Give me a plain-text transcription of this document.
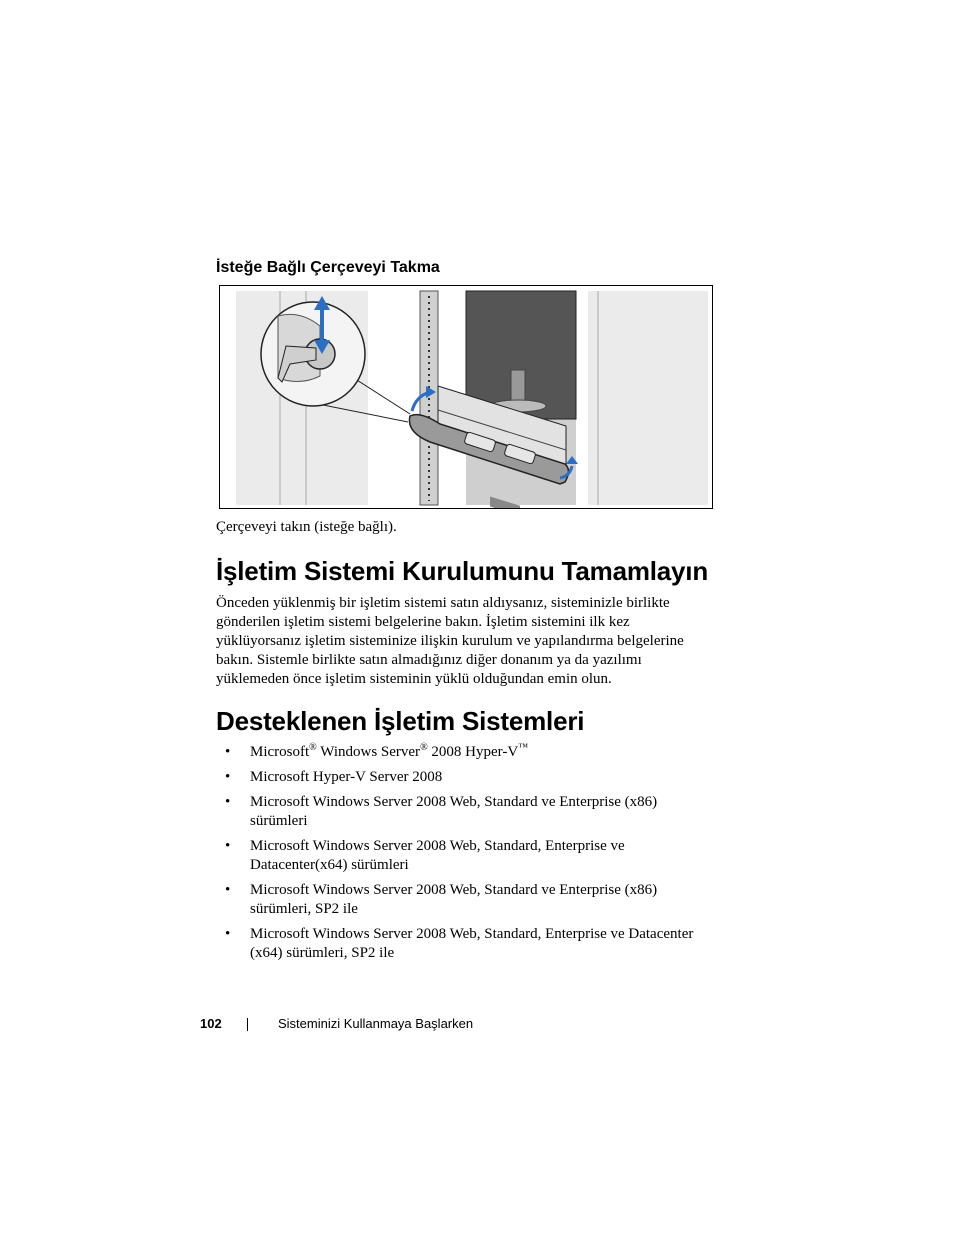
İsteğe Bağlı Çerçeveyi Takma
Çerçeveyi takın (isteğe bağlı).
İşletim Sistemi Kurulumunu Tamamlayın
Önceden yüklenmiş bir işletim sistemi satın aldıysanız, sisteminizle birlikte gönderilen işletim sistemi belgelerine bakın. İşletim sistemini ilk kez yüklüyorsanız işletim sisteminize ilişkin kurulum ve yapılandırma belgelerine bakın. Sistemle birlikte satın almadığınız diğer donanım ya da yazılımı yüklemeden önce işletim sisteminin yüklü olduğundan emin olun.
Desteklenen İşletim Sistemleri
• Microsoft® Windows Server® 2008 Hyper-V™
• Microsoft Hyper-V Server 2008
• Microsoft Windows Server 2008 Web, Standard ve Enterprise (x86) sürümleri
• Microsoft Windows Server 2008 Web, Standard, Enterprise ve Datacenter(x64) sürümleri
• Microsoft Windows Server 2008 Web, Standard ve Enterprise (x86) sürümleri, SP2 ile
• Microsoft Windows Server 2008 Web, Standard, Enterprise ve Datacenter (x64) sürümleri, SP2 ile
102	Sisteminizi Kullanmaya Başlarken
